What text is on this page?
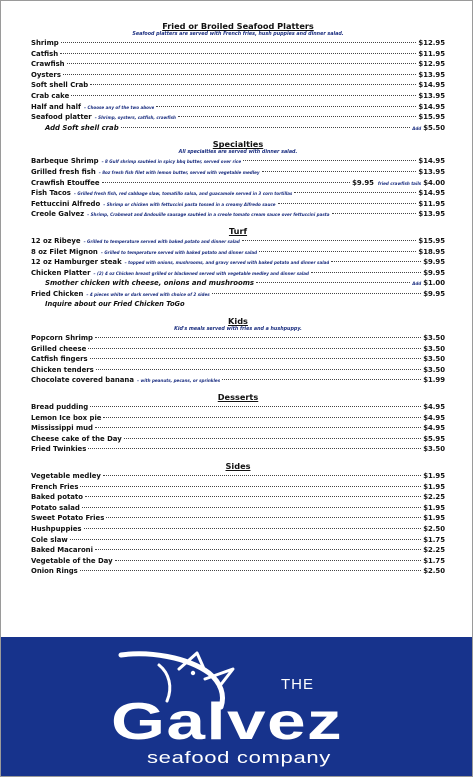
Fried or Broiled Seafood Platters
Seafood platters are served with French fries, hush puppies and dinner salad.
Shrimp	$12.95
Catfish	$11.95
Crawfish	$12.95
Oysters	$13.95
Soft shell Crab	$14.95
Crab cake	$13.95
Half and half – Choose any of the two above	$14.95
Seafood platter – Shrimp, oysters, catfish, crawfish	$15.95
Add Soft shell crab	Add $5.50
Specialties
All specialties are served with dinner salad.
Barbeque Shrimp – 8 Gulf shrimp sautéed in spicy bbq butter, served over rice	$14.95
Grilled fresh fish – 8oz fresh fish filet with lemon butter, served with vegetable medley	$13.95
Crawfish Etouffee	$9.95 fried crawfish tails $4.00
Fish Tacos – Grilled fresh fish, red cabbage slaw, tomatillo salsa, and guacamole served in 3 corn tortillas	$14.95
Fettuccini Alfredo – Shrimp or chicken with fettuccini pasta tossed in a creamy Alfredo sauce	$11.95
Creole Galvez – Shrimp, Crabmeat and Andouille sausage sautéed in a creole tomato cream sauce over fettuccini pasta	$13.95
Turf
12 oz Ribeye – Grilled to temperature served with baked potato and dinner salad	$15.95
8 oz Filet Mignon – Grilled to temperature served with baked potato and dinner salad	$18.95
12 oz Hamburger steak – topped with onions, mushrooms, and gravy served with baked potato and dinner salad	$9.95
Chicken Platter – (2) 4 oz Chicken breast grilled or blackened served with vegetable medley and dinner salad	$9.95
Smother chicken with cheese, onions and mushrooms	Add $1.00
Fried Chicken – 4 pieces white or dark served with choice of 2 sides	$9.95
Inquire about our Fried Chicken ToGo
Kids
Kid's meals served with fries and a hushpuppy.
Popcorn Shrimp	$3.50
Grilled cheese	$3.50
Catfish fingers	$3.50
Chicken tenders	$3.50
Chocolate covered banana – with peanuts, pecans, or sprinkles	$1.99
Desserts
Bread pudding	$4.95
Lemon Ice box pie	$4.95
Mississippi mud	$4.95
Cheese cake of the Day	$5.95
Fried Twinkies	$3.50
Sides
Vegetable medley	$1.95
French Fries	$1.95
Baked potato	$2.25
Potato salad	$1.95
Sweet Potato Fries	$1.95
Hushpuppies	$2.50
Cole slaw	$1.75
Baked Macaroni	$2.25
Vegetable of the Day	$1.75
Onion Rings	$2.50
THE
Galvez
seafood company
